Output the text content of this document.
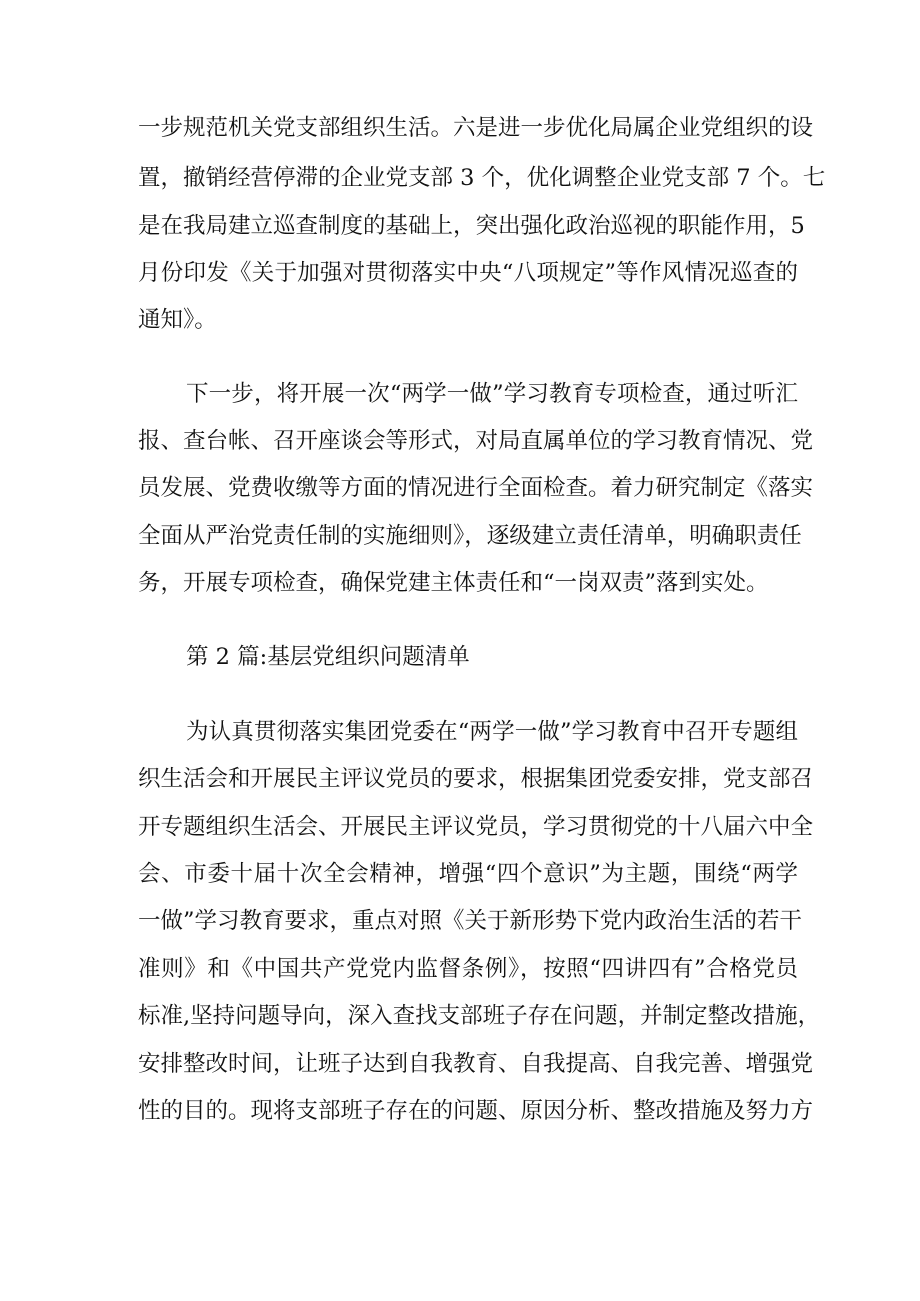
一步规范机关党支部组织生活。六是进一步优化局属企业党组织的设
置，撤销经营停滞的企业党支部 3 个，优化调整企业党支部 7 个。七
是在我局建立巡查制度的基础上，突出强化政治巡视的职能作用，5
月份印发《关于加强对贯彻落实中央“八项规定”等作风情况巡查的
通知》。
下一步，将开展一次“两学一做”学习教育专项检查，通过听汇
报、查台帐、召开座谈会等形式，对局直属单位的学习教育情况、党
员发展、党费收缴等方面的情况进行全面检查。着力研究制定《落实
全面从严治党责任制的实施细则》，逐级建立责任清单，明确职责任
务，开展专项检查，确保党建主体责任和“一岗双责”落到实处。
第 2 篇:基层党组织问题清单
为认真贯彻落实集团党委在“两学一做”学习教育中召开专题组
织生活会和开展民主评议党员的要求，根据集团党委安排，党支部召
开专题组织生活会、开展民主评议党员，学习贯彻党的十八届六中全
会、市委十届十次全会精神，增强“四个意识”为主题，围绕“两学
一做”学习教育要求，重点对照《关于新形势下党内政治生活的若干
准则》和《中国共产党党内监督条例》，按照“四讲四有”合格党员
标准,坚持问题导向，深入查找支部班子存在问题，并制定整改措施，
安排整改时间，让班子达到自我教育、自我提高、自我完善、增强党
性的目的。现将支部班子存在的问题、原因分析、整改措施及努力方
